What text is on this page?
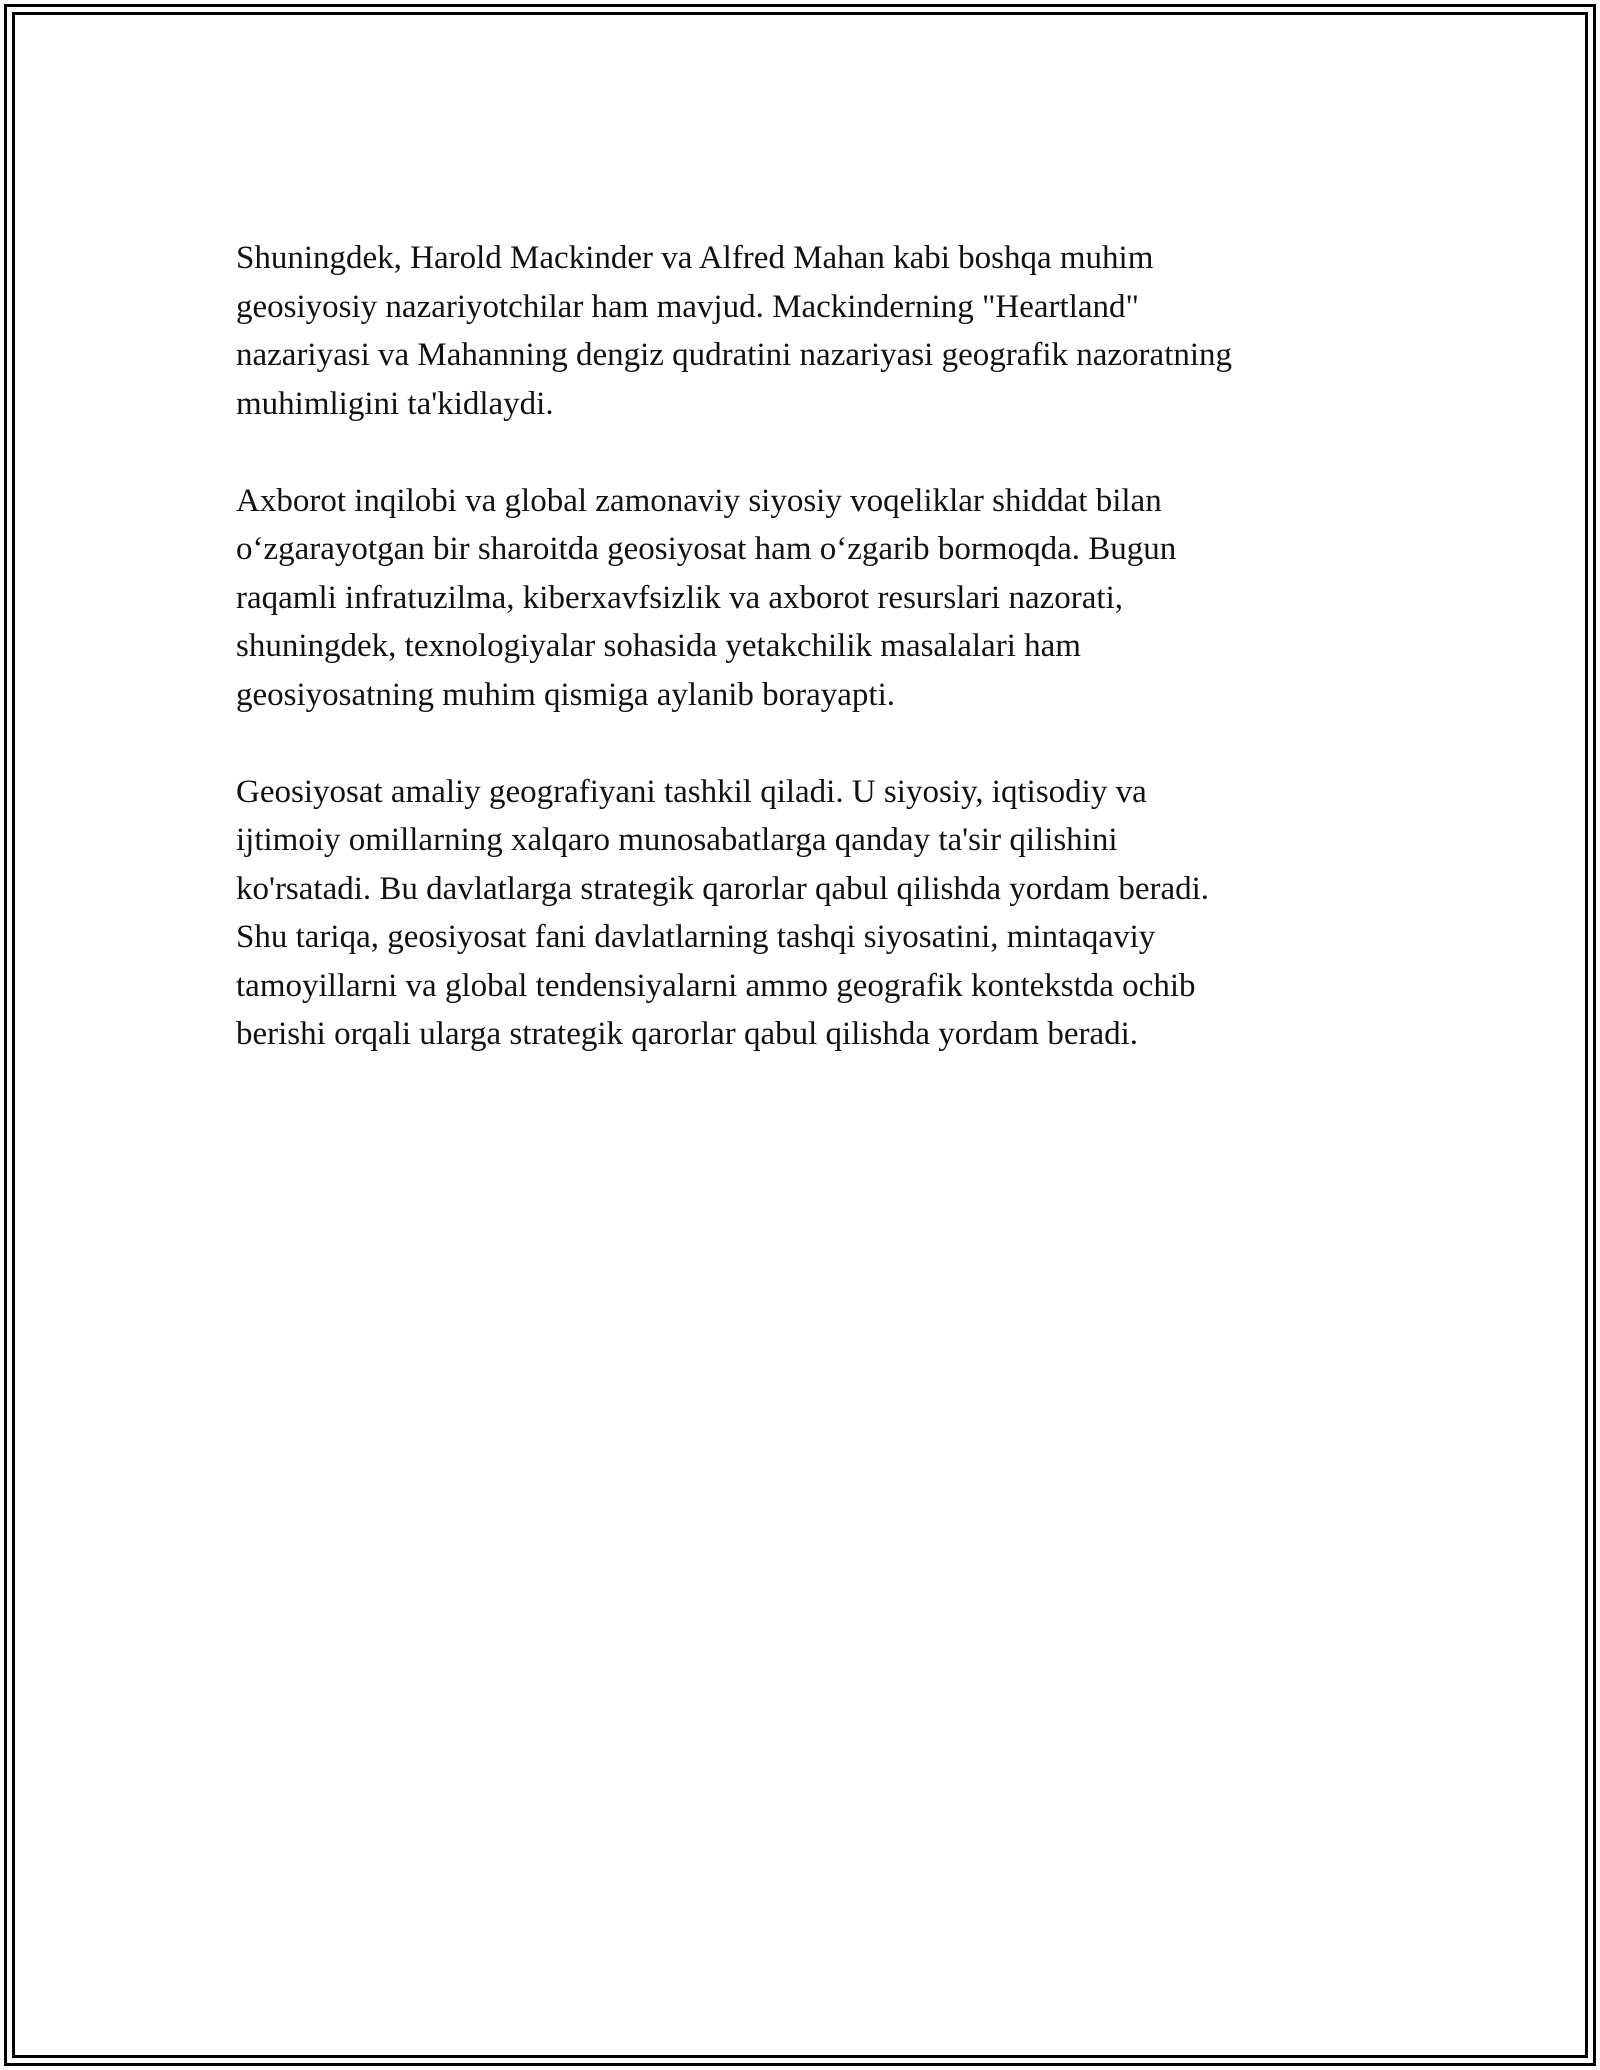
Shuningdek, Harold Mackinder va Alfred Mahan kabi boshqa muhim
geosiyosiy nazariyotchilar ham mavjud. Mackinderning "Heartland"
nazariyasi va Mahanning dengiz qudratini nazariyasi geografik nazoratning
muhimligini ta'kidlaydi.

Axborot inqilobi va global zamonaviy siyosiy voqeliklar shiddat bilan
o‘zgarayotgan bir sharoitda geosiyosat ham o‘zgarib bormoqda. Bugun
raqamli infratuzilma, kiberxavfsizlik va axborot resurslari nazorati,
shuningdek, texnologiyalar sohasida yetakchilik masalalari ham
geosiyosatning muhim qismiga aylanib borayapti.

Geosiyosat amaliy geografiyani tashkil qiladi. U siyosiy, iqtisodiy va
ijtimoiy omillarning xalqaro munosabatlarga qanday ta'sir qilishini
ko'rsatadi. Bu davlatlarga strategik qarorlar qabul qilishda yordam beradi.
Shu tariqa, geosiyosat fani davlatlarning tashqi siyosatini, mintaqaviy
tamoyillarni va global tendensiyalarni ammo geografik kontekstda ochib
berishi orqali ularga strategik qarorlar qabul qilishda yordam beradi.
